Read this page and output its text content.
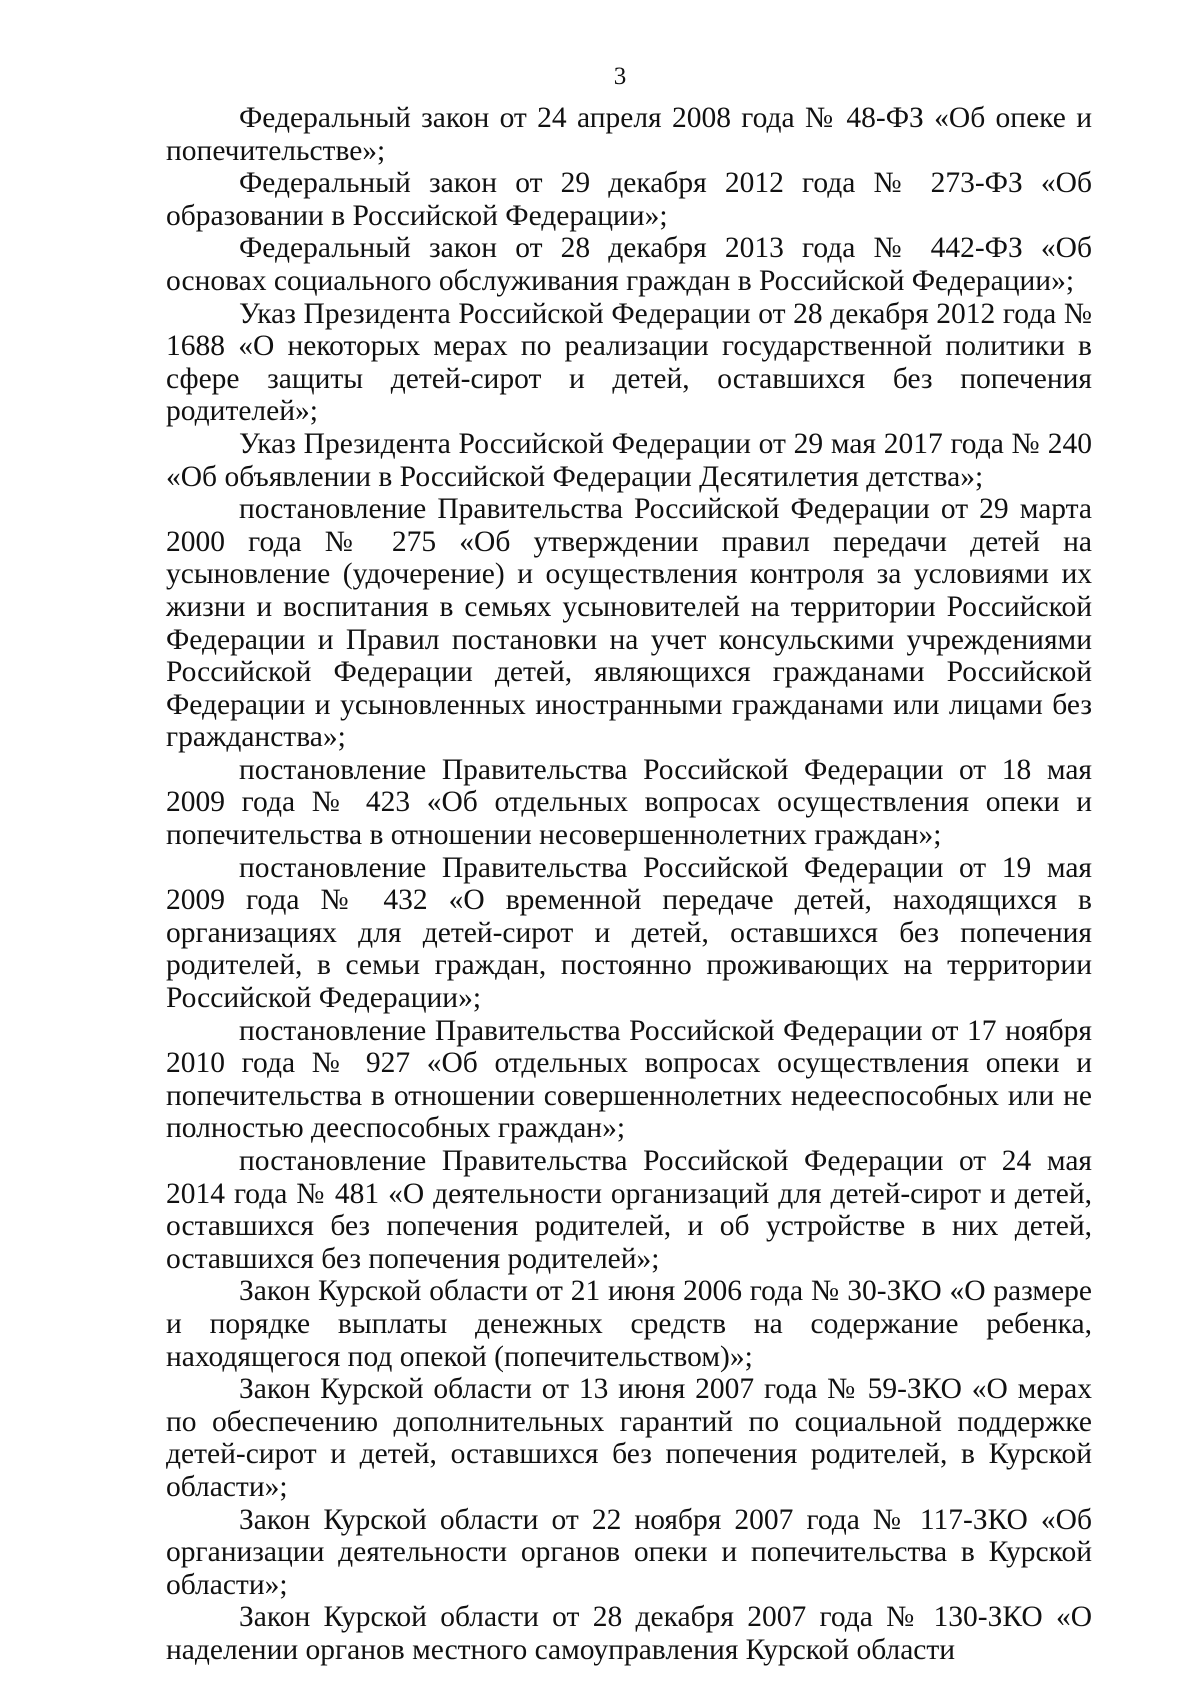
3

Федеральный закон от 24 апреля 2008 года № 48-ФЗ «Об опеке и попечительстве»;

Федеральный закон от 29 декабря 2012 года № 273-ФЗ «Об образовании в Российской Федерации»;

Федеральный закон от 28 декабря 2013 года № 442-ФЗ «Об основах социального обслуживания граждан в Российской Федерации»;

Указ Президента Российской Федерации от 28 декабря 2012 года № 1688 «О некоторых мерах по реализации государственной политики в сфере защиты детей-сирот и детей, оставшихся без попечения родителей»;

Указ Президента Российской Федерации от 29 мая 2017 года № 240 «Об объявлении в Российской Федерации Десятилетия детства»;

постановление Правительства Российской Федерации от 29 марта 2000 года № 275 «Об утверждении правил передачи детей на усыновление (удочерение) и осуществления контроля за условиями их жизни и воспитания в семьях усыновителей на территории Российской Федерации и Правил постановки на учет консульскими учреждениями Российской Федерации детей, являющихся гражданами Российской Федерации и усыновленных иностранными гражданами или лицами без гражданства»;

постановление Правительства Российской Федерации от 18 мая 2009 года № 423 «Об отдельных вопросах осуществления опеки и попечительства в отношении несовершеннолетних граждан»;

постановление Правительства Российской Федерации от 19 мая 2009 года № 432 «О временной передаче детей, находящихся в организациях для детей-сирот и детей, оставшихся без попечения родителей, в семьи граждан, постоянно проживающих на территории Российской Федерации»;

постановление Правительства Российской Федерации от 17 ноября 2010 года № 927 «Об отдельных вопросах осуществления опеки и попечительства в отношении совершеннолетних недееспособных или не полностью дееспособных граждан»;

постановление Правительства Российской Федерации от 24 мая 2014 года № 481 «О деятельности организаций для детей-сирот и детей, оставшихся без попечения родителей, и об устройстве в них детей, оставшихся без попечения родителей»;

Закон Курской области от 21 июня 2006 года № 30-ЗКО «О размере и порядке выплаты денежных средств на содержание ребенка, находящегося под опекой (попечительством)»;

Закон Курской области от 13 июня 2007 года № 59-ЗКО «О мерах по обеспечению дополнительных гарантий по социальной поддержке детей-сирот и детей, оставшихся без попечения родителей, в Курской области»;

Закон Курской области от 22 ноября 2007 года № 117-ЗКО «Об организации деятельности органов опеки и попечительства в Курской области»;

Закон Курской области от 28 декабря 2007 года № 130-ЗКО «О наделении органов местного самоуправления Курской области
